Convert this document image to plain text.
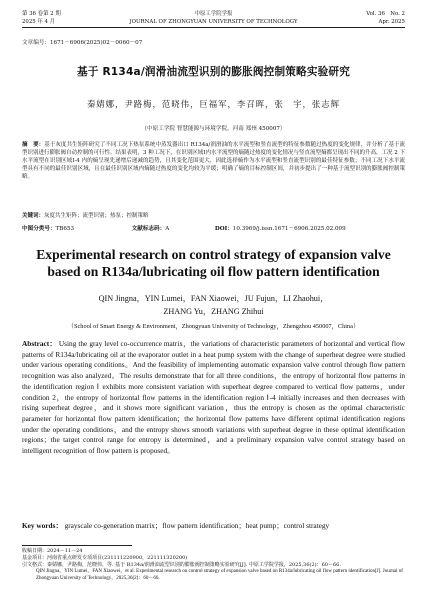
第 36 卷第 2 期
2025 年 4 月
中原工学院学报
JOURNAL OF ZHONGYUAN UNIVERSITY OF TECHNOLOGY
Vol. 36　No. 2
Apr. 2025
文章编号：1671－6906(2025)02－0060－07
基于 R134a/润滑油流型识别的膨胀阀控制策略实验研究
秦婧娜，尹路梅，范晓伟，巨福军，李召晖，张　宇，张志辉
（中原工学院 智慧能源与环境学院，河南 郑州 450007）
摘　要：基于灰度共生矩阵研究了不同工况下热泵系统中蒸发器出口 R134a/润滑油的水平流型和竖直流型的特征参数随过热度的变化规律，并分析了基于流型识别进行膨胀阀自动控制的可行性。结果表明，3 种工况下，在识别区域Ⅰ内水平流型的熵随过热度的变化情况与竖直流型熵都呈现出不同的升高，工况 2 下水平流型在识别区域Ⅰ-4 内的熵呈现先递增后递减的趋势，且其变化范围更大，因此选择熵作为水平流型和竖直流型识别的最佳特征参数；不同工况下水平流型具有不同的最佳识别区域，且在最佳识别区域内熵随过热度的变化均较为平缓；明确了熵的目标控制区间，并初步提出了一种基于流型识别的膨胀阀控制策略。
关键词：灰度共生矩阵；流型识别；热泵；控制策略
中图分类号：TB653	文献标志码：A	DOI：10.3969/j.issn.1671－6906.2025.02.009
Experimental research on control strategy of expansion valve based on R134a/lubricating oil flow pattern identification
QIN Jingna，YIN Lumei，FAN Xiaowei，JU Fujun，LI Zhaohui，
ZHANG Yu，ZHANG Zhihui
（School of Smart Energy & Environment，Zhongyuan University of Technology，Zhengzhou 450007，China）
Abstract： Using the gray level co-occurrence matrix，the variations of characteristic parameters of horizontal and vertical flow patterns of R134a/lubricating oil at the evaporator outlet in a heat pump system with the change of superheat degree were studied under various operating conditions。And the feasibility of implementing automatic expansion valve control through flow pattern recognition was also analyzed。The results demonstrate that for all three conditions，the entropy of horizontal flow patterns in the identification region Ⅰ exhibits more consistent variation with superheat degree compared to vertical flow patterns，under condition 2，the entropy of horizontal flow patterns in the identification region Ⅰ-4 initially increases and then decreases with rising superheat degree，and it shows more significant variation，thus the entropy is chosen as the optimal characteristic parameter for horizontal flow pattern identification；the horizontal flow patterns have different optimal identification regions under the operating conditions，and the entropy shows smooth variations with superheat degree in these optimal identification regions；the target control range for entropy is determined，and a preliminary expansion valve control strategy based on intelligent recognition of flow pattern is proposed。
Key words： grayscale co-generation matrix；flow pattern identification；heat pump；control strategy
收稿日期：2024－11－24
基金项目：河南省重点研发专项项目(231111220900，221111320200)
引文格式：秦婧娜，尹路梅，范晓伟，等. 基于 R134a/润滑油流型识别的膨胀阀控制策略实验研究[J]. 中原工学院学报，2025,36(2)：60－66.
QIN Jingna，YIN Lumei，FAN Xiaowei，et al. Experimental research on control strategy of expansion valve based on R134a/lubricating oil flow pattern identification[J]. Journal of Zhongyuan University of Technology，2025,36(2)：60－66.
